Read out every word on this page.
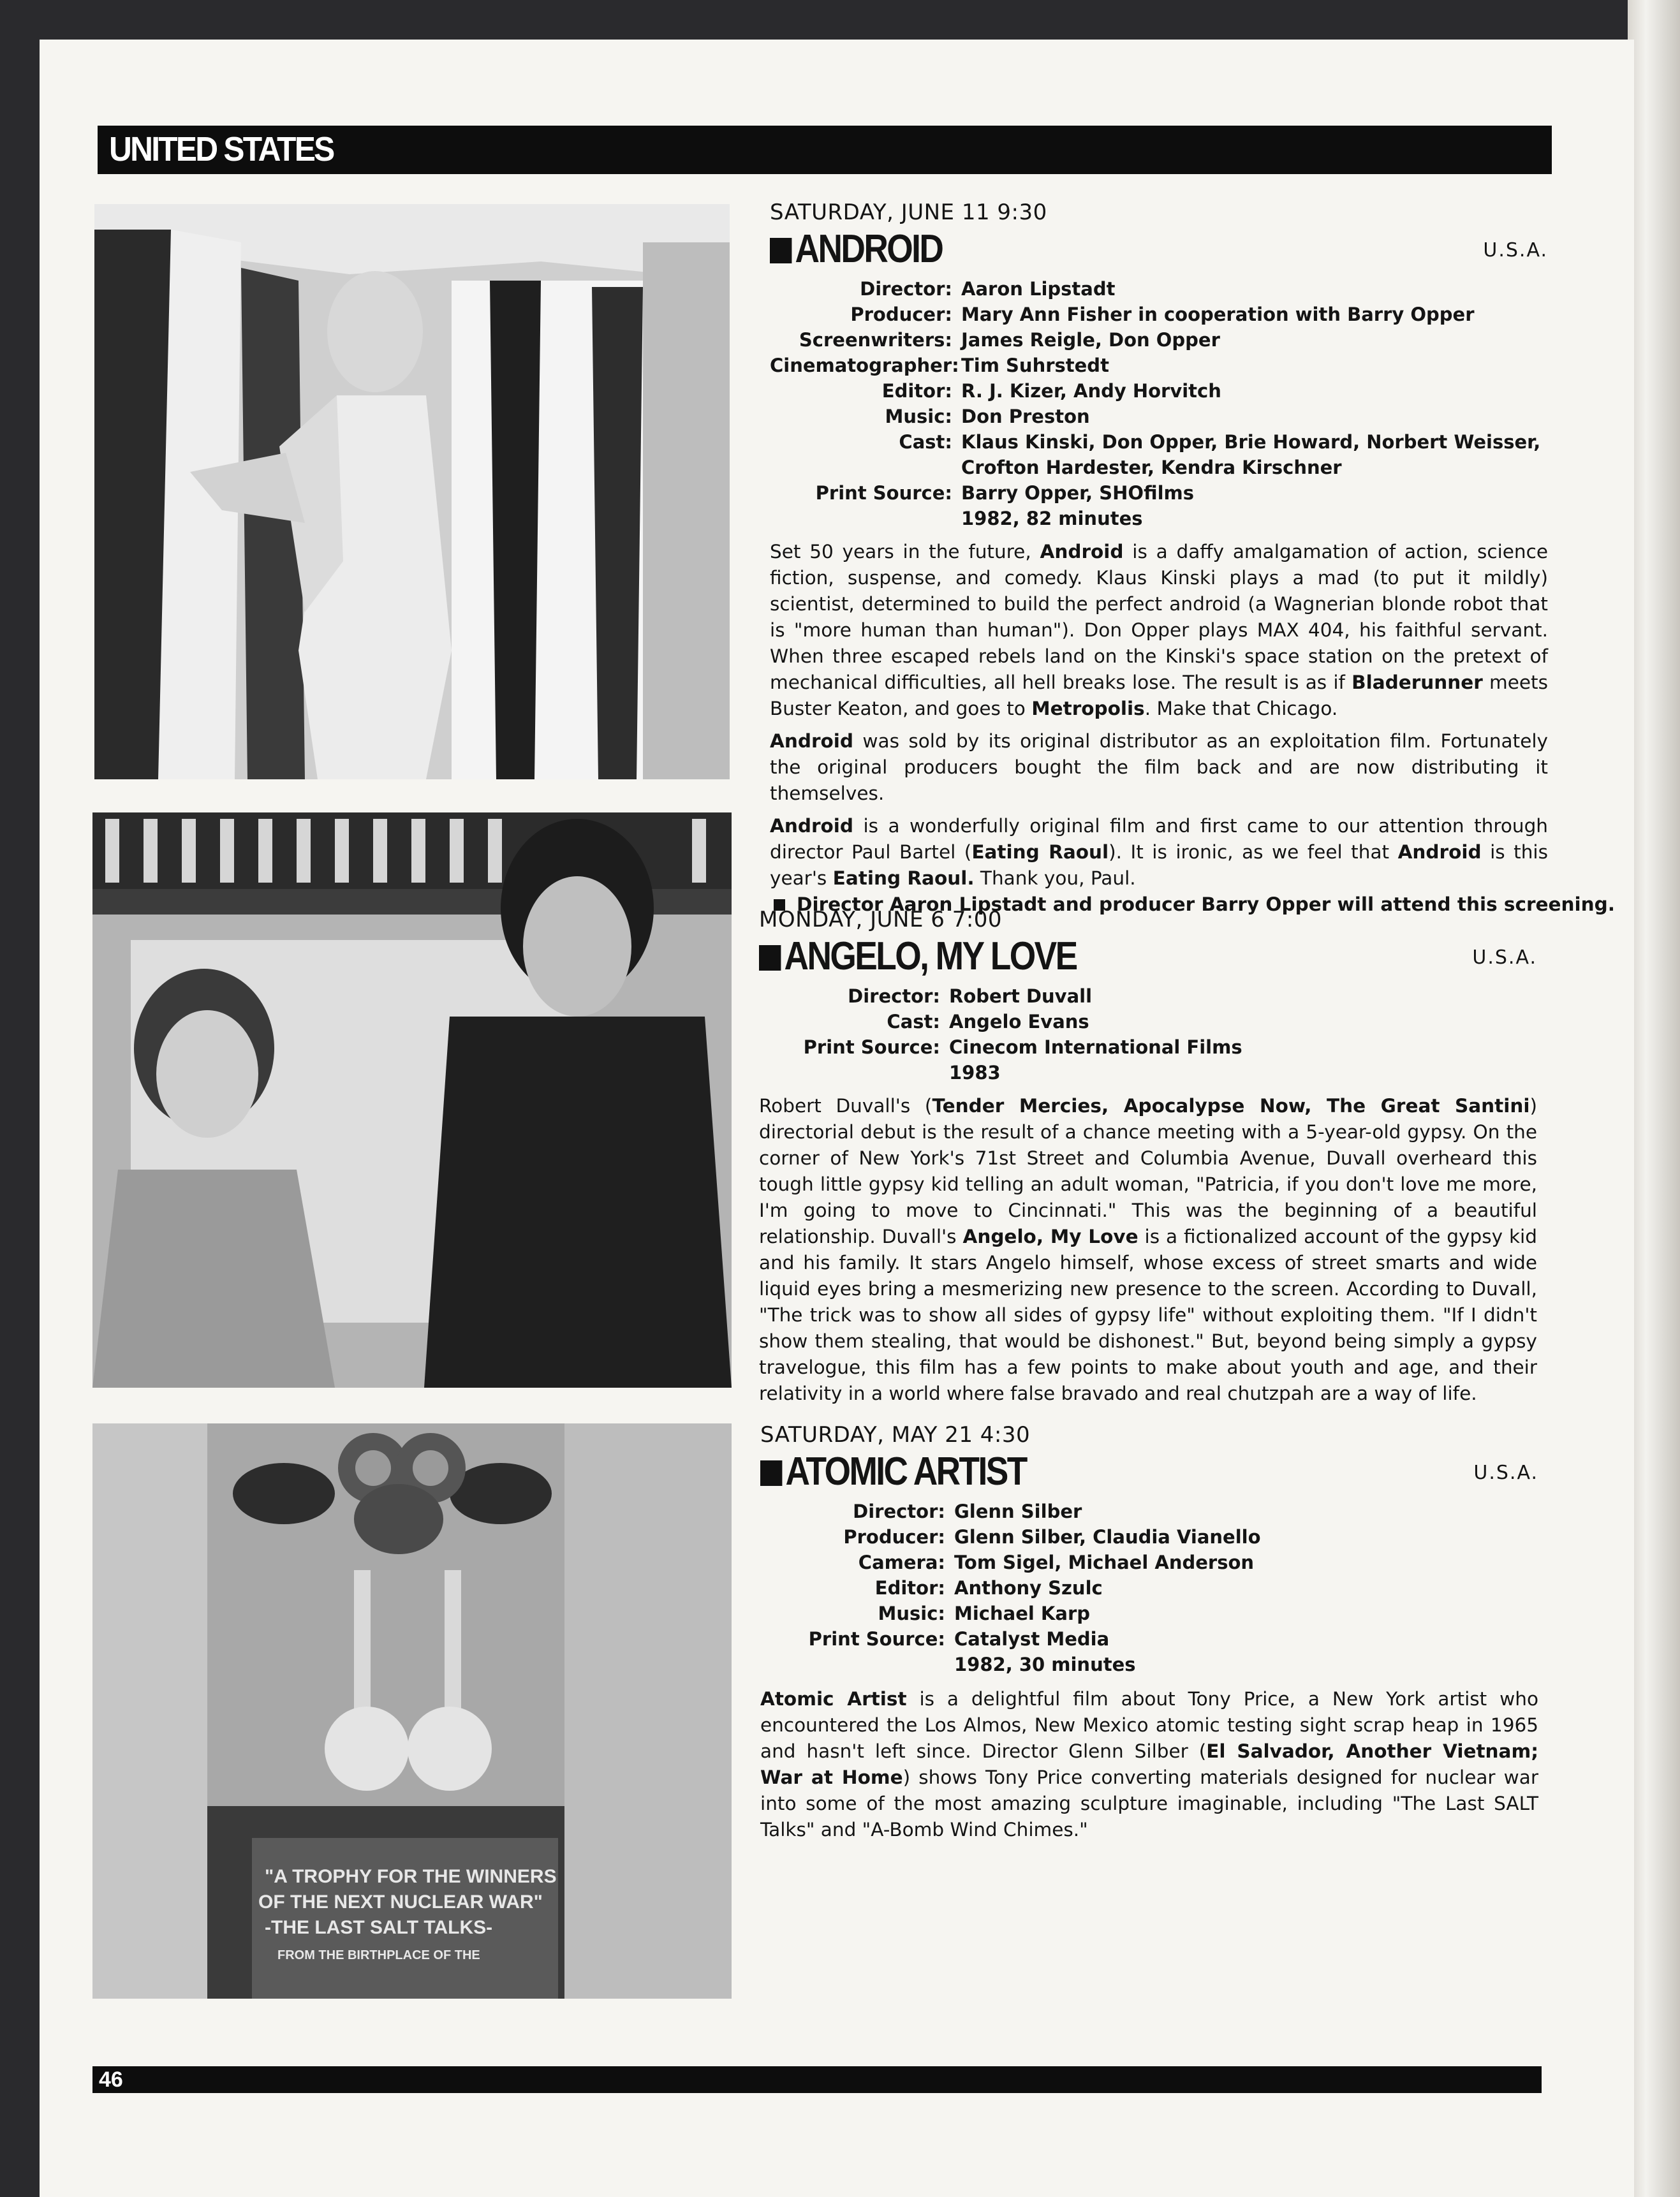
UNITED STATES
"A TROPHY FOR THE WINNERS
OF THE NEXT NUCLEAR WAR"
-THE LAST SALT TALKS-
FROM THE BIRTHPLACE OF THE
SATURDAY, JUNE 11 9:30
ANDROID	U.S.A.
Director: Aaron Lipstadt
Producer: Mary Ann Fisher in cooperation with Barry Opper
Screenwriters: James Reigle, Don Opper
Cinematographer: Tim Suhrstedt
Editor: R. J. Kizer, Andy Horvitch
Music: Don Preston
Cast: Klaus Kinski, Don Opper, Brie Howard, Norbert Weisser, Crofton Hardester, Kendra Kirschner
Print Source: Barry Opper, SHOfilms
1982, 82 minutes

Set 50 years in the future, Android is a daffy amalgamation of action, science fiction, suspense, and comedy. Klaus Kinski plays a mad (to put it mildly) scientist, determined to build the perfect android (a Wagnerian blonde robot that is "more human than human"). Don Opper plays MAX 404, his faithful servant. When three escaped rebels land on the Kinski's space station on the pretext of mechanical difficulties, all hell breaks lose. The result is as if Bladerunner meets Buster Keaton, and goes to Metropolis. Make that Chicago.

Android was sold by its original distributor as an exploitation film. Fortunately the original producers bought the film back and are now distributing it themselves.

Android is a wonderfully original film and first came to our attention through director Paul Bartel (Eating Raoul). It is ironic, as we feel that Android is this year's Eating Raoul. Thank you, Paul.

Director Aaron Lipstadt and producer Barry Opper will attend this screening.
MONDAY, JUNE 6 7:00
ANGELO, MY LOVE	U.S.A.
Director: Robert Duvall
Cast: Angelo Evans
Print Source: Cinecom International Films
1983

Robert Duvall's (Tender Mercies, Apocalypse Now, The Great Santini) directorial debut is the result of a chance meeting with a 5-year-old gypsy. On the corner of New York's 71st Street and Columbia Avenue, Duvall overheard this tough little gypsy kid telling an adult woman, "Patricia, if you don't love me more, I'm going to move to Cincinnati." This was the beginning of a beautiful relationship. Duvall's Angelo, My Love is a fictionalized account of the gypsy kid and his family. It stars Angelo himself, whose excess of street smarts and wide liquid eyes bring a mesmerizing new presence to the screen. According to Duvall, "The trick was to show all sides of gypsy life" without exploiting them. "If I didn't show them stealing, that would be dishonest." But, beyond being simply a gypsy travelogue, this film has a few points to make about youth and age, and their relativity in a world where false bravado and real chutzpah are a way of life.

SATURDAY, MAY 21 4:30
ATOMIC ARTIST	U.S.A.
Director: Glenn Silber
Producer: Glenn Silber, Claudia Vianello
Camera: Tom Sigel, Michael Anderson
Editor: Anthony Szulc
Music: Michael Karp
Print Source: Catalyst Media
1982, 30 minutes

Atomic Artist is a delightful film about Tony Price, a New York artist who encountered the Los Almos, New Mexico atomic testing sight scrap heap in 1965 and hasn't left since. Director Glenn Silber (El Salvador, Another Vietnam; War at Home) shows Tony Price converting materials designed for nuclear war into some of the most amazing sculpture imaginable, including "The Last SALT Talks" and "A-Bomb Wind Chimes."

46
